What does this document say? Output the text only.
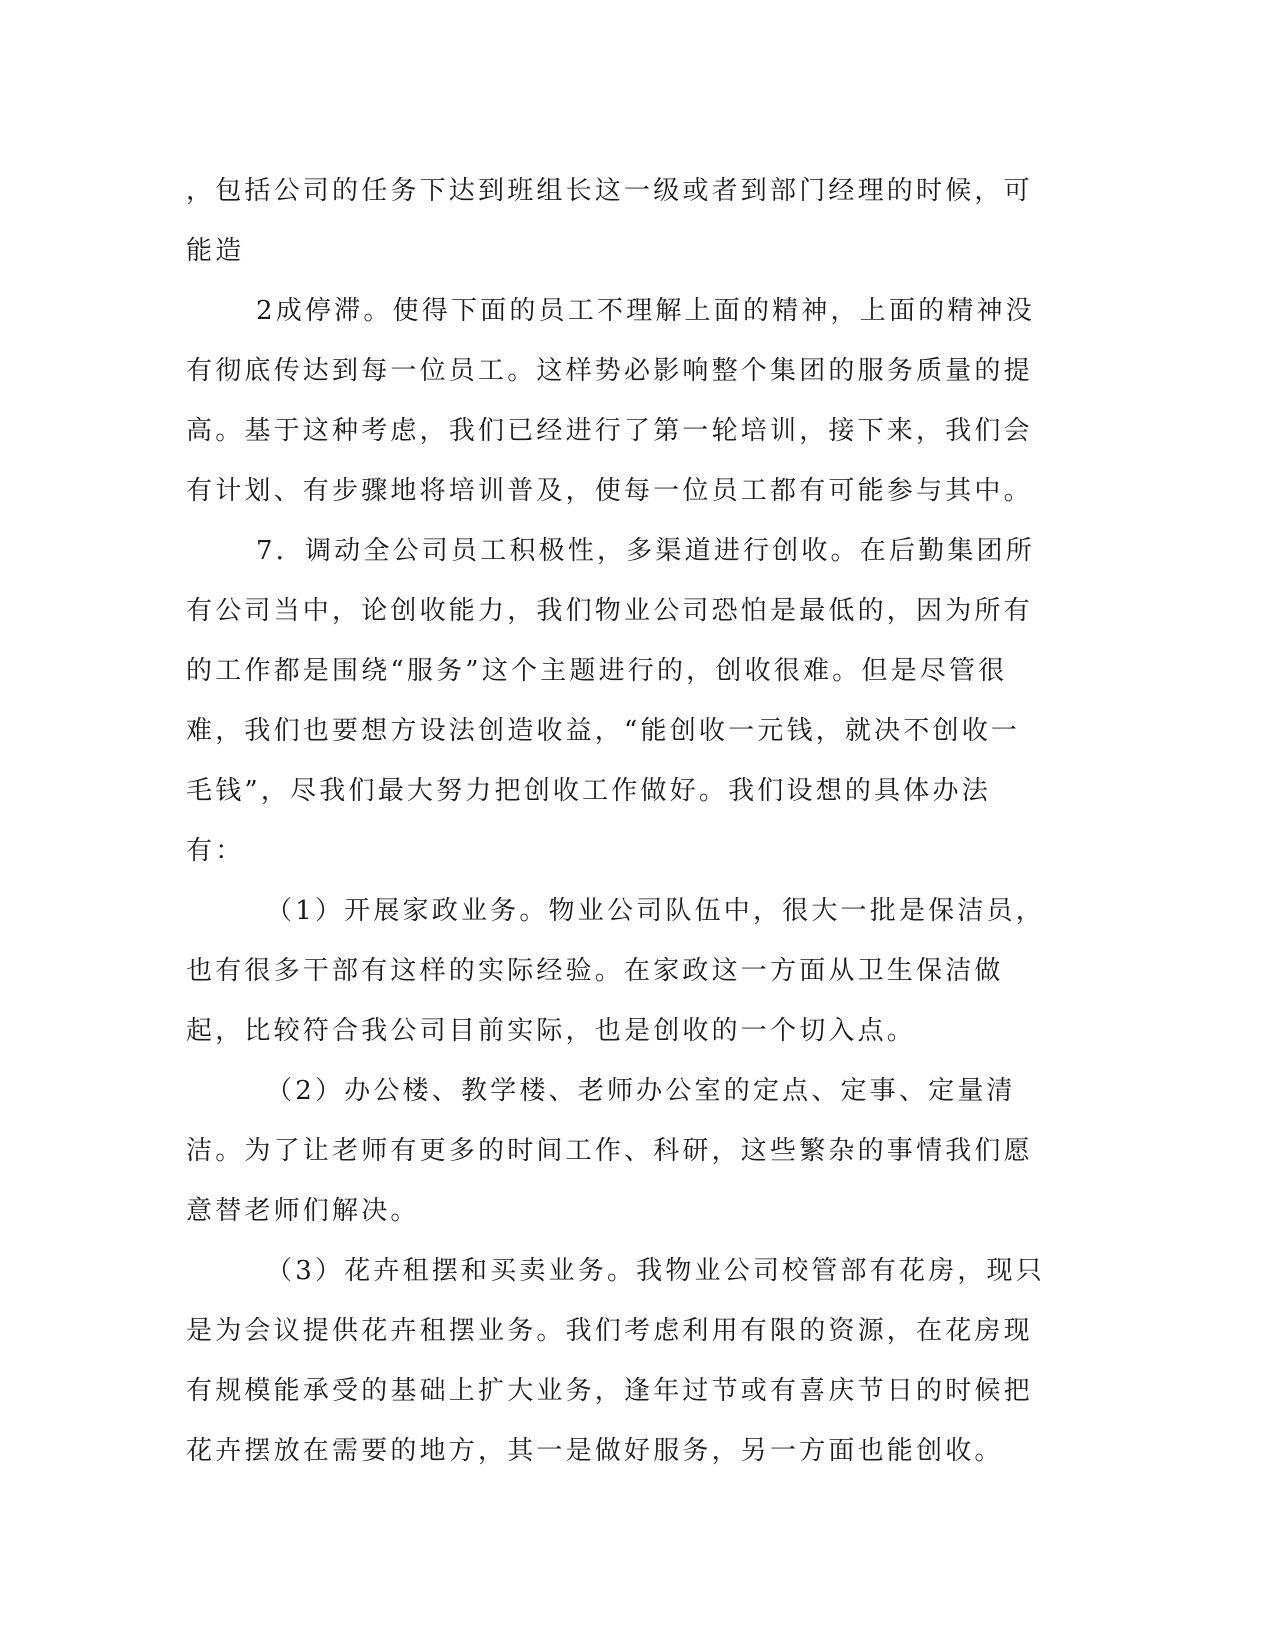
，包括公司的任务下达到班组长这一级或者到部门经理的时候，可能造

2成停滞。使得下面的员工不理解上面的精神，上面的精神没有彻底传达到每一位员工。这样势必影响整个集团的服务质量的提高。基于这种考虑，我们已经进行了第一轮培训，接下来，我们会有计划、有步骤地将培训普及，使每一位员工都有可能参与其中。

7．调动全公司员工积极性，多渠道进行创收。在后勤集团所有公司当中，论创收能力，我们物业公司恐怕是最低的，因为所有的工作都是围绕“服务”这个主题进行的，创收很难。但是尽管很难，我们也要想方设法创造收益，“能创收一元钱，就决不创收一毛钱”，尽我们最大努力把创收工作做好。我们设想的具体办法有：

（1）开展家政业务。物业公司队伍中，很大一批是保洁员，也有很多干部有这样的实际经验。在家政这一方面从卫生保洁做起，比较符合我公司目前实际，也是创收的一个切入点。

（2）办公楼、教学楼、老师办公室的定点、定事、定量清洁。为了让老师有更多的时间工作、科研，这些繁杂的事情我们愿意替老师们解决。

（3）花卉租摆和买卖业务。我物业公司校管部有花房，现只是为会议提供花卉租摆业务。我们考虑利用有限的资源，在花房现有规模能承受的基础上扩大业务，逢年过节或有喜庆节日的时候把花卉摆放在需要的地方，其一是做好服务，另一方面也能创收。
